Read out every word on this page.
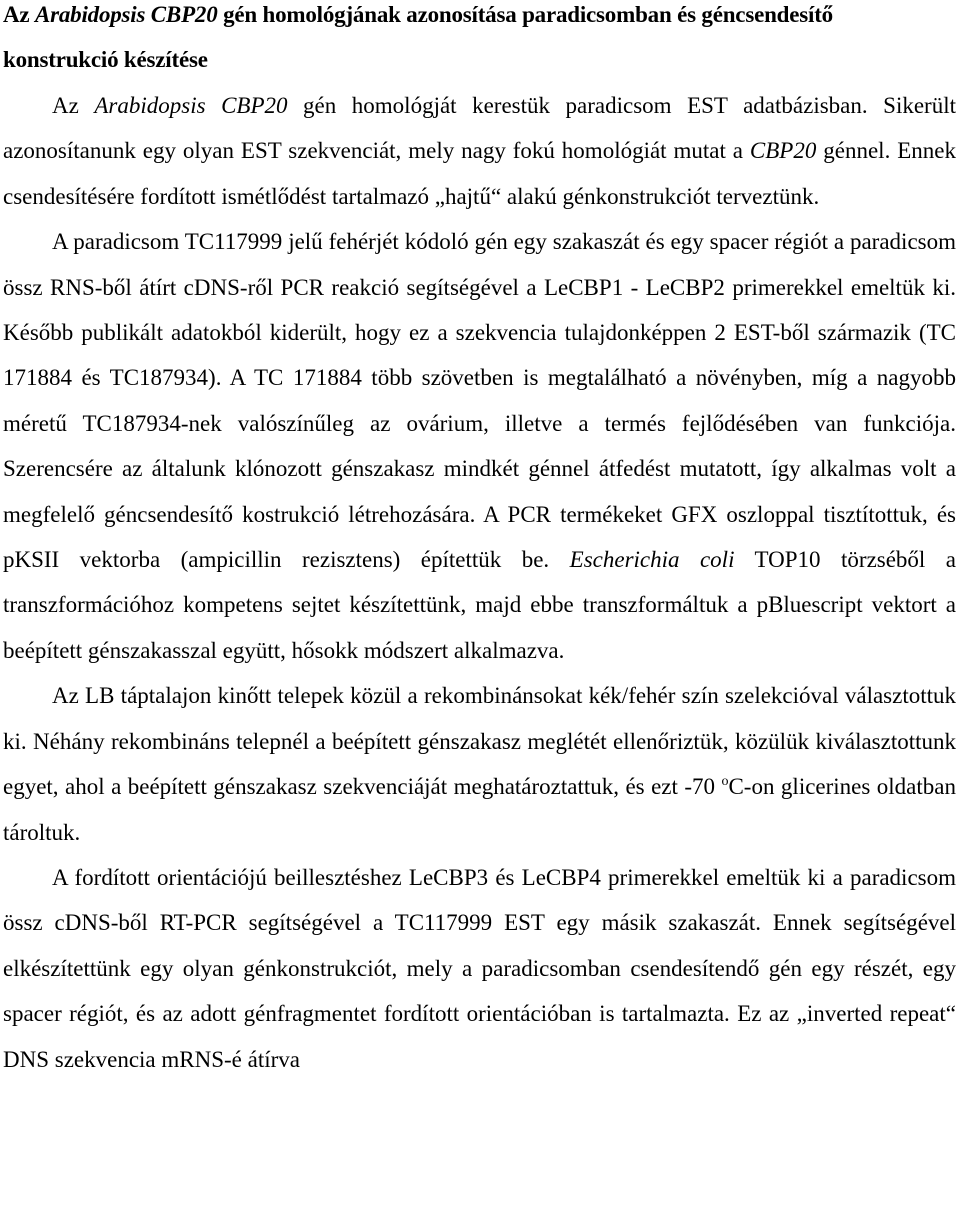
Az Arabidopsis CBP20 gén homológjának azonosítása paradicsomban és géncsendesítő
konstrukció készítése

Az Arabidopsis CBP20 gén homológját kerestük paradicsom EST adatbázisban. Sikerült azonosítanunk egy olyan EST szekvenciát, mely nagy fokú homológiát mutat a CBP20 génnel. Ennek csendesítésére fordított ismétlődést tartalmazó „hajtű“ alakú génkonstrukciót terveztünk.

A paradicsom TC117999 jelű fehérjét kódoló gén egy szakaszát és egy spacer régiót a paradicsom össz RNS-ből átírt cDNS-ről PCR reakció segítségével a LeCBP1 - LeCBP2 primerekkel emeltük ki. Később publikált adatokból kiderült, hogy ez a szekvencia tulajdonképpen 2 EST-ből származik (TC 171884 és TC187934). A TC 171884 több szövetben is megtalálható a növényben, míg a nagyobb méretű TC187934-nek valószínűleg az ovárium, illetve a termés fejlődésében van funkciója. Szerencsére az általunk klónozott génszakasz mindkét génnel átfedést mutatott, így alkalmas volt a megfelelő géncsendesítő kostrukció létrehozására. A PCR termékeket GFX oszloppal tisztítottuk, és pKSII vektorba (ampicillin rezisztens) építettük be. Escherichia coli TOP10 törzséből a transzformációhoz kompetens sejtet készítettünk, majd ebbe transzformáltuk a pBluescript vektort a beépített génszakasszal együtt, hősokk módszert alkalmazva.

Az LB táptalajon kinőtt telepek közül a rekombinánsokat kék/fehér szín szelekcióval választottuk ki. Néhány rekombináns telepnél a beépített génszakasz meglétét ellenőriztük, közülük kiválasztottunk egyet, ahol a beépített génszakasz szekvenciáját meghatároztattuk, és ezt -70 $^o$C-on glicerines oldatban tároltuk.

A fordított orientációjú beillesztéshez LeCBP3 és LeCBP4 primerekkel emeltük ki a paradicsom össz cDNS-ből RT-PCR segítségével a TC117999 EST egy másik szakaszát. Ennek segítségével elkészítettünk egy olyan génkonstrukciót, mely a paradicsomban csendesítendő gén egy részét, egy spacer régiót, és az adott génfragmentet fordított orientációban is tartalmazta. Ez az „inverted repeat“ DNS szekvencia mRNS-é átírva
